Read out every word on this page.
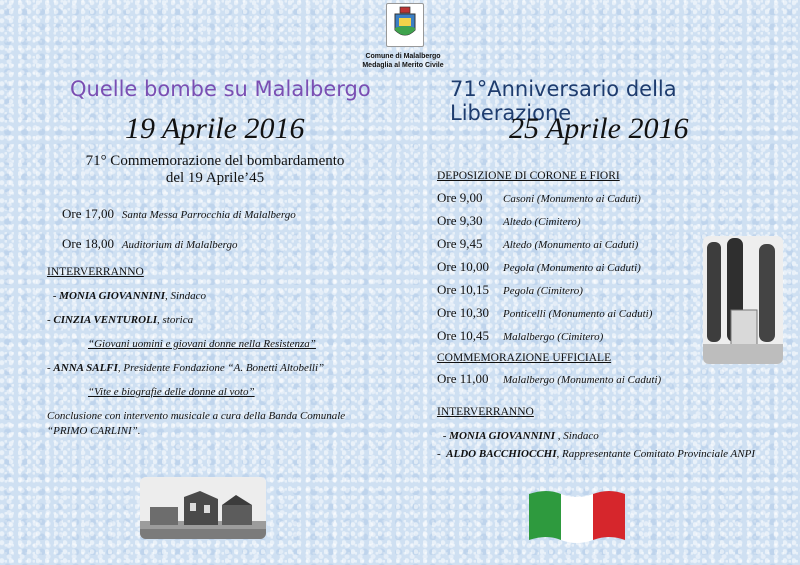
Comune di Malalbergo
Medaglia al Merito Civile
Quelle bombe su Malalbergo
19 Aprile 2016
71° Commemorazione del bombardamento
del 19 Aprile’45
Ore 17,00 Santa Messa Parrocchia di Malalbergo
Ore 18,00 Auditorium di Malalbergo
INTERVERRANNO
- MONIA GIOVANNINI, Sindaco
- CINZIA VENTUROLI, storica
“Giovani uomini e giovani donne nella Resistenza”
- ANNA SALFI, Presidente Fondazione “A. Bonetti Altobelli”
“Vite e biografie delle donne al voto”
Conclusione con intervento musicale a cura della Banda Comunale
“PRIMO CARLINI”.
71°Anniversario della Liberazione
25 Aprile 2016
DEPOSIZIONE DI CORONE E FIORI
Ore 9,00 Casoni (Monumento ai Caduti)
Ore 9,30 Altedo (Cimitero)
Ore 9,45 Altedo (Monumento ai Caduti)
Ore 10,00 Pegola (Monumento ai Caduti)
Ore 10,15 Pegola (Cimitero)
Ore 10,30 Ponticelli (Monumento ai Caduti)
Ore 10,45 Malalbergo (Cimitero)
COMMEMORAZIONE UFFICIALE
Ore 11,00 Malalbergo (Monumento ai Caduti)
INTERVERRANNO
- MONIA GIOVANNINI , Sindaco
-  ALDO BACCHIOCCHI, Rappresentante Comitato Provinciale ANPI
